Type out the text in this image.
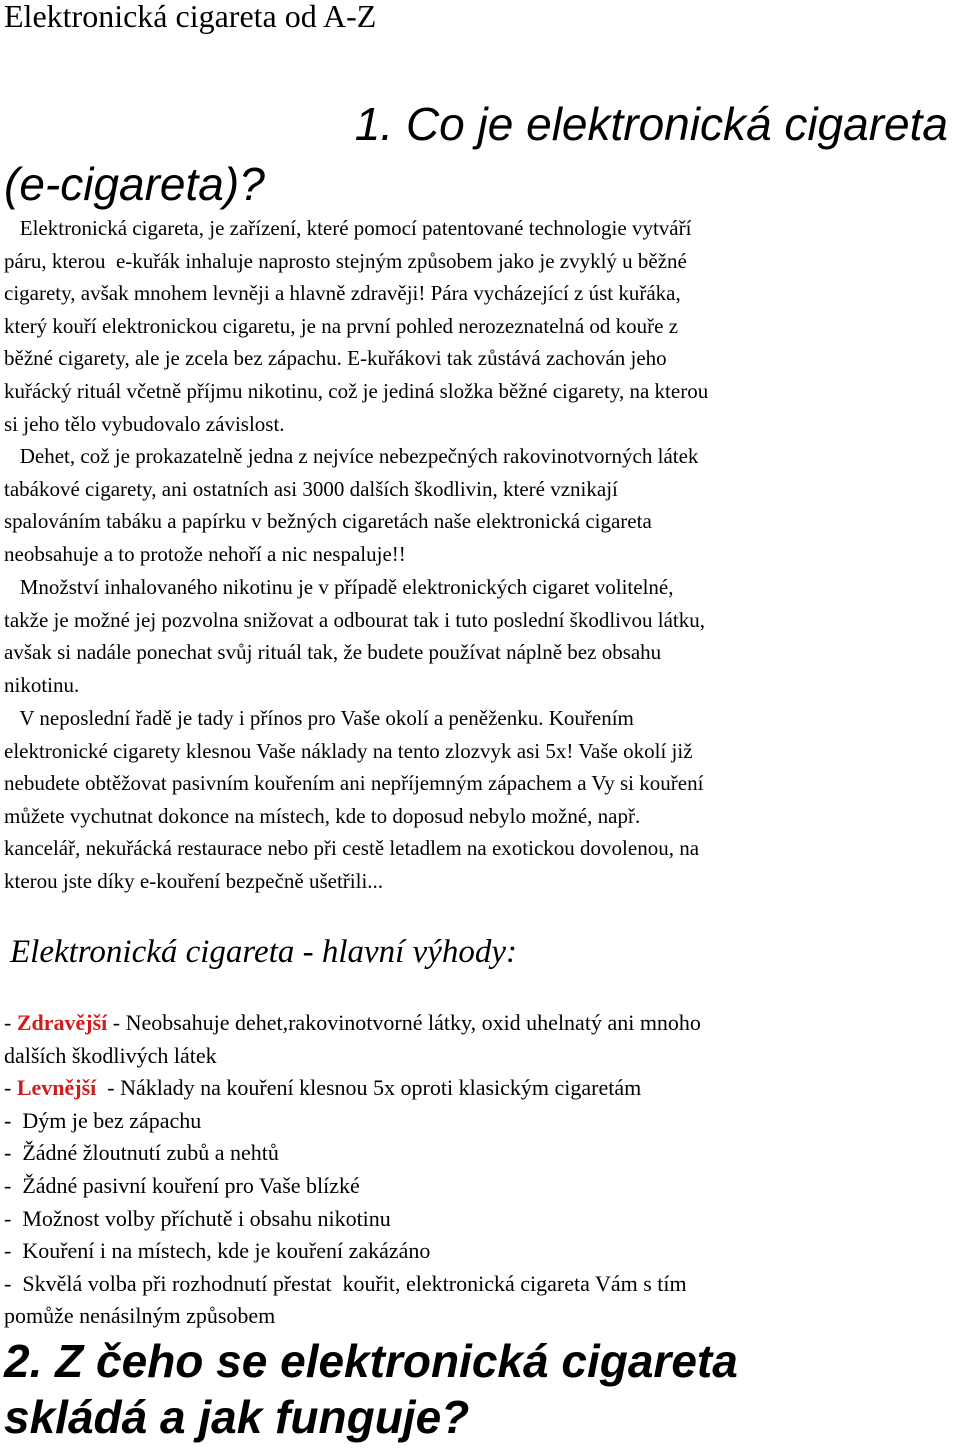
Elektronická cigareta od A-Z
1. Co je elektronická cigareta
(e-cigareta)?
Elektronická cigareta, je zařízení, které pomocí patentované technologie vytváří
páru, kterou  e-kuřák inhaluje naprosto stejným způsobem jako je zvyklý u běžné
cigarety, avšak mnohem levněji a hlavně zdravěji! Pára vycházející z úst kuřáka,
který kouří elektronickou cigaretu, je na první pohled nerozeznatelná od kouře z
běžné cigarety, ale je zcela bez zápachu. E-kuřákovi tak zůstává zachován jeho
kuřácký rituál včetně příjmu nikotinu, což je jediná složka běžné cigarety, na kterou
si jeho tělo vybudovalo závislost.
Dehet, což je prokazatelně jedna z nejvíce nebezpečných rakovinotvorných látek
tabákové cigarety, ani ostatních asi 3000 dalších škodlivin, které vznikají
spalováním tabáku a papírku v bežných cigaretách naše elektronická cigareta
neobsahuje a to protože nehoří a nic nespaluje!!
Množství inhalovaného nikotinu je v případě elektronických cigaret volitelné,
takže je možné jej pozvolna snižovat a odbourat tak i tuto poslední škodlivou látku,
avšak si nadále ponechat svůj rituál tak, že budete používat náplně bez obsahu
nikotinu.
V neposlední řadě je tady i přínos pro Vaše okolí a peněženku. Kouřením
elektronické cigarety klesnou Vaše náklady na tento zlozvyk asi 5x! Vaše okolí již
nebudete obtěžovat pasivním kouřením ani nepříjemným zápachem a Vy si kouření
můžete vychutnat dokonce na místech, kde to doposud nebylo možné, např.
kancelář, nekuřácká restaurace nebo při cestě letadlem na exotickou dovolenou, na
kterou jste díky e-kouření bezpečně ušetřili...
Elektronická cigareta - hlavní výhody:
- Zdravější - Neobsahuje dehet,rakovinotvorné látky, oxid uhelnatý ani mnoho
dalších škodlivých látek
- Levnější  - Náklady na kouření klesnou 5x oproti klasickým cigaretám
-  Dým je bez zápachu
-  Žádné žloutnutí zubů a nehtů
-  Žádné pasivní kouření pro Vaše blízké
-  Možnost volby příchutě i obsahu nikotinu
-  Kouření i na místech, kde je kouření zakázáno
-  Skvělá volba při rozhodnutí přestat  kouřit, elektronická cigareta Vám s tím
pomůže nenásilným způsobem
2. Z čeho se elektronická cigareta
skládá a jak funguje?
